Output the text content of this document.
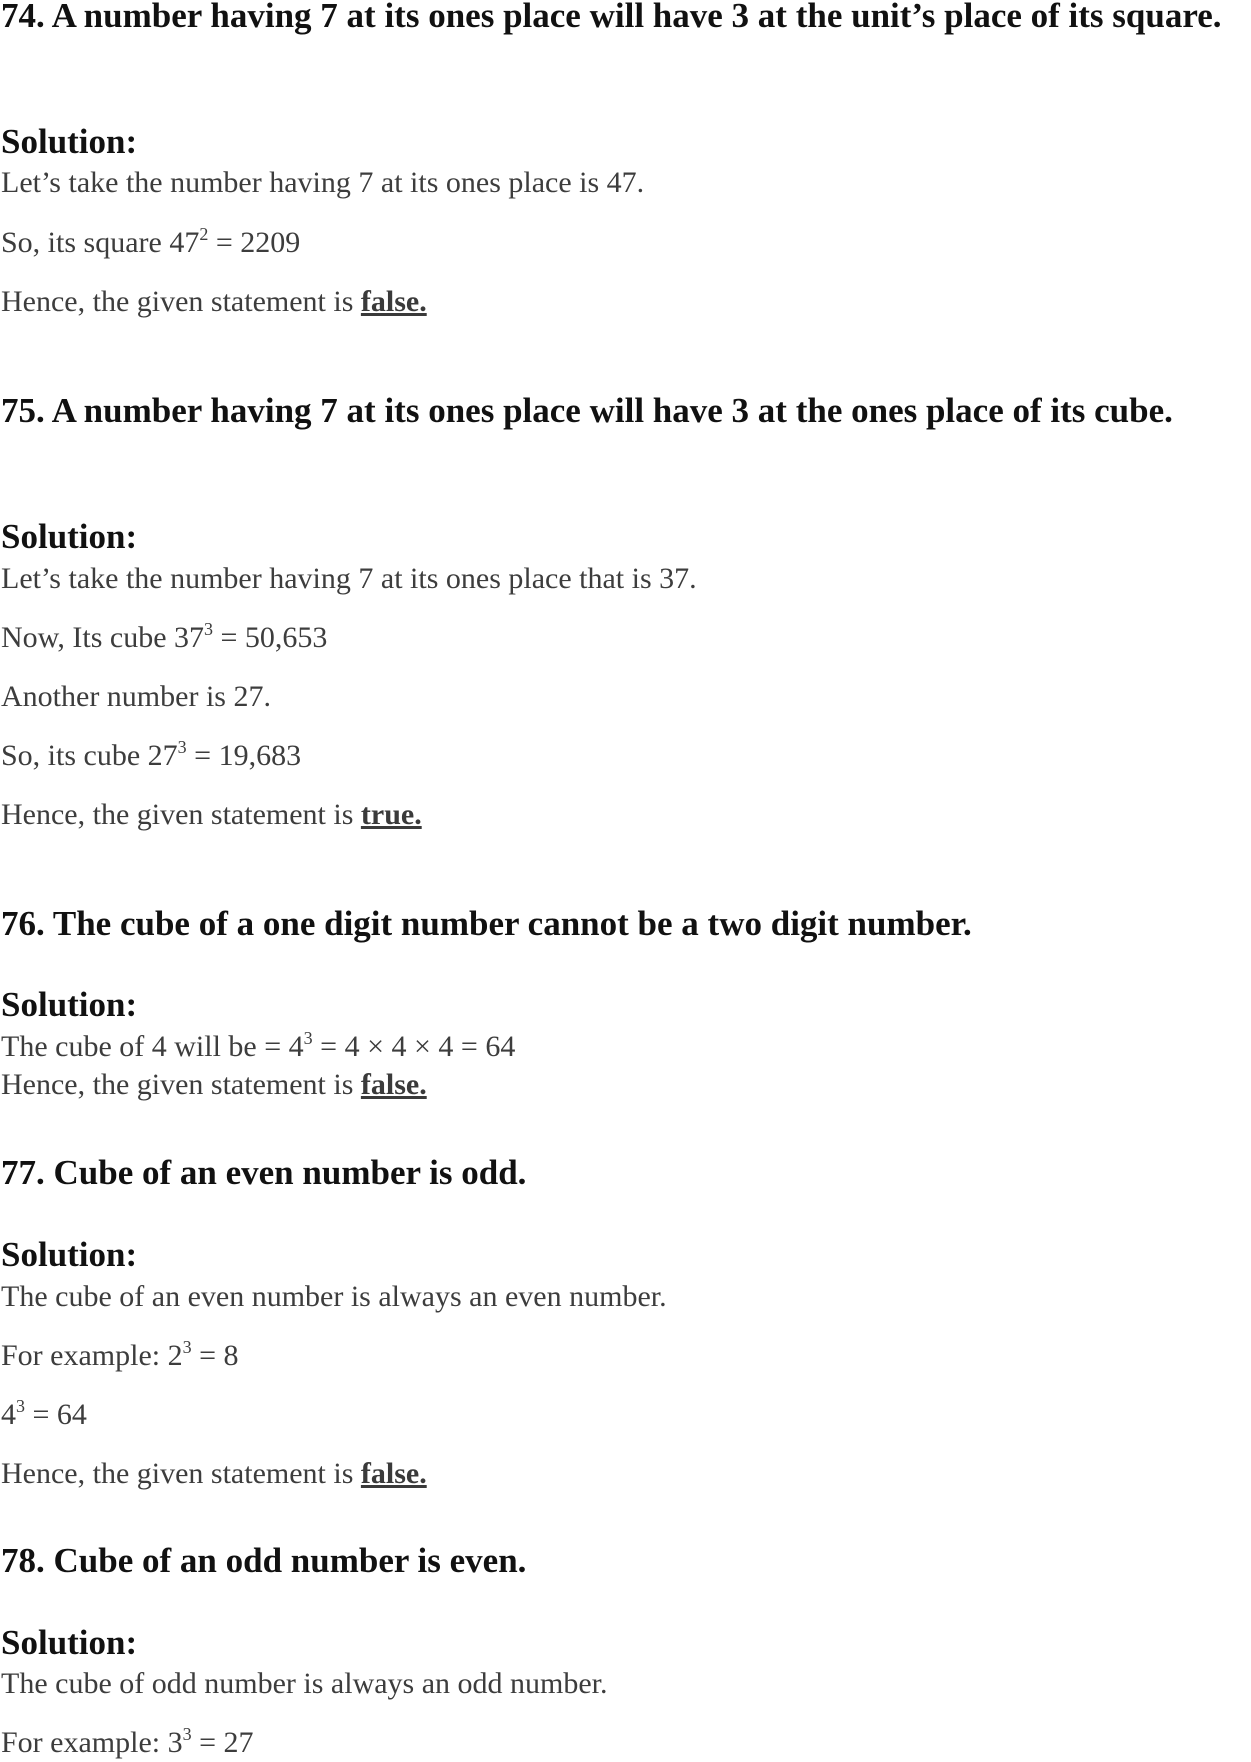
74. A number having 7 at its ones place will have 3 at the unit’s place of its square.

Solution:

Let’s take the number having 7 at its ones place is 47.

So, its square $47^2 = 2209$

Hence, the given statement is false.

75. A number having 7 at its ones place will have 3 at the ones place of its cube.

Solution:

Let’s take the number having 7 at its ones place that is 37.

Now, Its cube $37^3 = 50,653$

Another number is 27.

So, its cube $27^3 = 19,683$

Hence, the given statement is true.

76. The cube of a one digit number cannot be a two digit number.

Solution:

The cube of 4 will be = $4^3 = 4 \times 4 \times 4 = 64$

Hence, the given statement is false.

77. Cube of an even number is odd.

Solution:

The cube of an even number is always an even number.

For example: $2^3 = 8$

$4^3 = 64$

Hence, the given statement is false.

78. Cube of an odd number is even.

Solution:

The cube of odd number is always an odd number.

For example: $3^3 = 27$
